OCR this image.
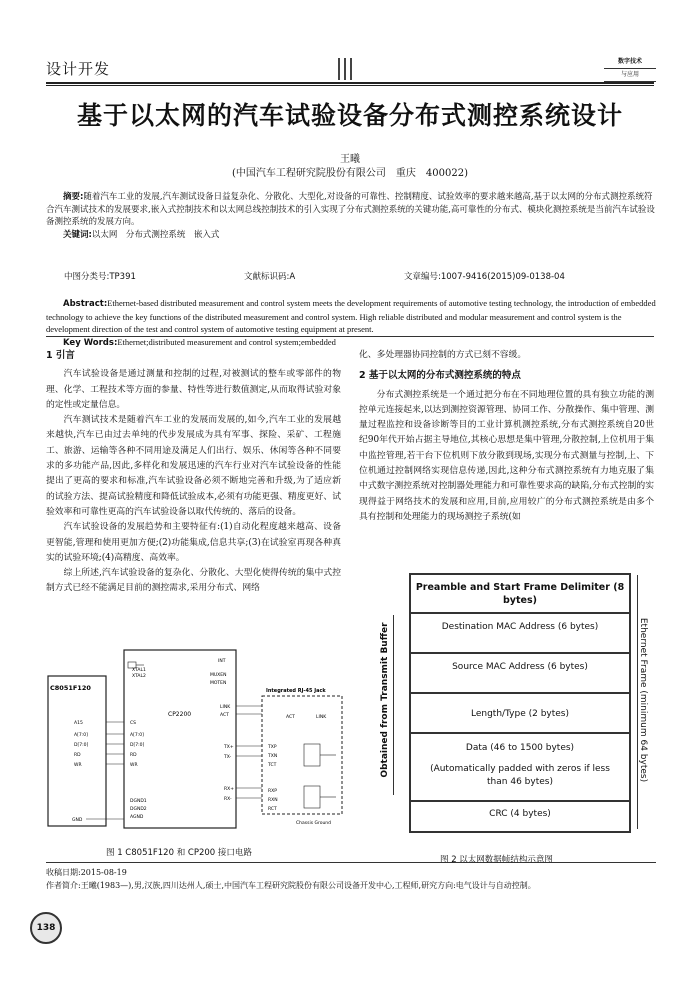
设计开发	数字技术
与应用
基于以太网的汽车试验设备分布式测控系统设计
王曦
(中国汽车工程研究院股份有限公司　重庆　400022)
摘要:随着汽车工业的发展,汽车测试设备日益复杂化、分散化、大型化,对设备的可靠性、控制精度、试验效率的要求越来越高,基于以太网的分布式测控系统符合汽车测试技术的发展要求,嵌入式控制技术和以太网总线控制技术的引入实现了分布式测控系统的关键功能,高可靠性的分布式、模块化测控系统是当前汽车试验设备测控系统的发展方向。
关键词:以太网　分布式测控系统　嵌入式
中图分类号:TP391	文献标识码:A	文章编号:1007-9416(2015)09-0138-04
Abstract:Ethernet-based distributed measurement and control system meets the development requirements of automotive testing technology, the introduction of embedded technology to achieve the key functions of the distributed measurement and control system. High reliable distributed and modular measurement and control system is the development direction of the test and control system of automotive testing equipment at present.
Key Words:Ethernet;distributed measurement and control system;embedded
1 引言

汽车试验设备是通过测量和控制的过程,对被测试的整车或零部件的物理、化学、工程技术等方面的参量、特性等进行数值测定,从而取得试验对象的定性或定量信息。

汽车测试技术是随着汽车工业的发展而发展的,如今,汽车工业的发展越来越快,汽车已由过去单纯的代步发展成为具有军事、探险、采矿、工程施工、旅游、运输等各种不同用途及满足人们出行、娱乐、休闲等各种不同要求的多功能产品,因此,多样化和发展迅速的汽车行业对汽车试验设备的性能提出了更高的要求和标准,汽车试验设备必须不断地完善和升级,为了适应新的试验方法、提高试验精度和降低试验成本,必须有功能更强、精度更好、试验效率和可靠性更高的汽车试验设备以取代传统的、落后的设备。

汽车试验设备的发展趋势和主要特征有:(1)自动化程度越来越高、设备更智能,管理和使用更加方便;(2)功能集成,信息共享;(3)在试验室再现各种真实的试验环境;(4)高精度、高效率。

综上所述,汽车试验设备的复杂化、分散化、大型化使得传统的集中式控制方式已经不能满足目前的测控需求,采用分布式、网络

化、多处理器协同控制的方式已刻不容缓。
2 基于以太网的分布式测控系统的特点

分布式测控系统是一个通过把分布在不同地理位置的具有独立功能的测控单元连接起来,以达到测控资源管理、协同工作、分散操作、集中管理、测量过程监控和设备诊断等目的工业计算机测控系统,分布式测控系统自20世纪90年代开始占据主导地位,其核心思想是集中管理,分散控制,上位机用于集中监控管理,若干台下位机则下放分散到现场,实现分布式测量与控制,上、下位机通过控制网络实现信息传递,因此,这种分布式测控系统有力地克服了集中式数字测控系统对控制器处理能力和可靠性要求高的缺陷,分布式控制的实现得益于网络技术的发展和应用,目前,应用较广的分布式测控系统是由多个具有控制和处理能力的现场测控子系统(如

C8051F120
CP2200
XTAL1
XTAL2
A15
A[7:0]
D[7:0]
RD
WR
CS
A[7:0]
D[7:0]
RD
WR
INT
MUXEN
MOTEN
LINK
ACT
TX+
TX-
RX+
RX-
DGND1
DGND2
AGND
GND
Integrated RJ-45 Jack
ACT	LINK
TXP
TXN
TCT
RXP
RXN
RCT
Chassis Ground
图 1 C8051F120 和 CP200 接口电路
Obtained from Transmit Buffer
Preamble and Start Frame Delimiter (8 bytes)
Destination MAC Address (6 bytes)
Source MAC Address (6 bytes)
Length/Type (2 bytes)
Data (46 to 1500 bytes)
(Automatically padded with zeros if less than 46 bytes)
CRC (4 bytes)
Ethernet Frame (minimum 64 bytes)
图 2 以太网数据帧结构示意图
收稿日期:2015-08-19
作者简介:王曦(1983—),男,汉族,四川达州人,硕士,中国汽车工程研究院股份有限公司设备开发中心,工程师,研究方向:电气设计与自动控制。
138
